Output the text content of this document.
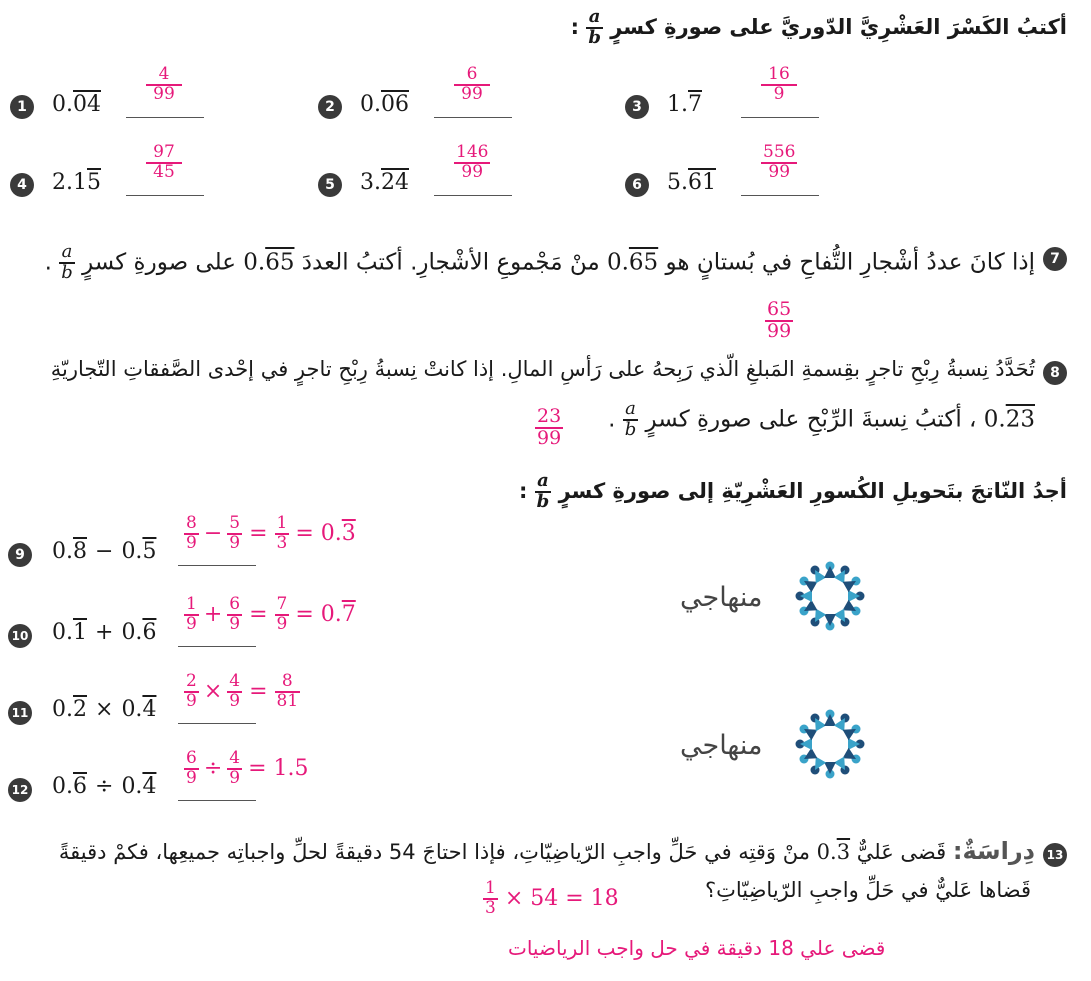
أكتبُ الكَسْرَ العَشْرِيَّ الدّوريَّ على صورةِ كسرٍ
$\frac{a}{b}$
:
1	0.04
$\frac{4}{99}$
2	0.06
$\frac{6}{99}$
3	1.7
$\frac{16}{9}$
4	2.15
$\frac{97}{45}$
5	3.24
$\frac{146}{99}$
6	5.61
$\frac{556}{99}$
7
إذا كانَ عددُ أشْجارِ التُّفاحِ في بُستانٍ هو 0.65 منْ مَجْموعِ الأشْجارِ. أكتبُ العددَ 0.65 على صورةِ كسرٍ
$\frac{a}{b}$
.
$\frac{65}{99}$
8
تُحَدَّدُ نِسبةُ رِبْحِ تاجرٍ بقِسمةِ المَبلغِ الّذي رَبِحهُ على رَأسِ المالِ. إذا كانتْ نِسبةُ رِبْحِ تاجرٍ في إحْدى الصَّفقاتِ التّجاريّةِ
0.23 ، أكتبُ نِسبةَ الرِّبْحِ على صورةِ كسرٍ
$\frac{a}{b}$
.
$\frac{23}{99}$
أجدُ النّاتجَ بتَحويلِ الكُسورِ العَشْرِيّةِ إلى صورةِ كسرٍ
$\frac{a}{b}$
:
9	$0.8 - 0.5 \frac{8}{9} - \frac{5}{9} = \frac{1}{3} = 0.3$
10 $0.1 + 0.6 \frac{1}{9} + \frac{6}{9} = \frac{7}{9} = 0.7$
11 $0.2 \times 0.4 \frac{2}{9} \times \frac{4}{9} = \frac{8}{81}$
12 $0.6 \div 0.4 \frac{6}{9} \div \frac{4}{9} = 1.5$
منهاجي
منهاجي
13
دِراسَةٌ: قَضى عَليٌّ 0.3 منْ وَقتِه في حَلِّ واجبِ الرّياضِيّاتِ، فإذا احتاجَ 54 دقيقةً لحلِّ واجباتِه جميعِها، فكمْ دقيقةً
قَضاها عَليٌّ في حَلِّ واجبِ الرّياضِيّاتِ؟
$\frac{1}{3} \times 54 = 18$
قضى علي 18 دقيقة في حل واجب الرياضيات
